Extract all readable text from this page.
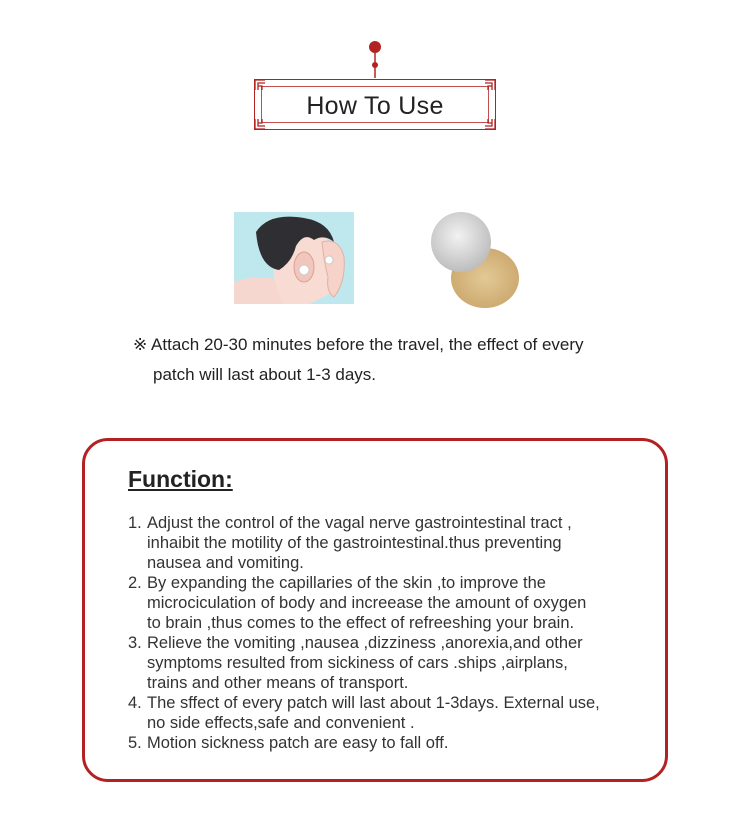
How To Use
※ Attach 20-30 minutes before the travel, the effect of every
patch will last about 1-3 days.
Function:
1. Adjust the control of the vagal nerve gastrointestinal tract ,
inhaibit the motility of the gastrointestinal.thus preventing
nausea and vomiting.
2. By expanding the capillaries of the skin ,to improve the
microciculation of body and increease the amount of oxygen
to brain ,thus comes to the effect of refreeshing your brain.
3. Relieve the vomiting ,nausea ,dizziness ,anorexia,and other
symptoms resulted from sickiness of cars .ships ,airplans,
trains and other means of transport.
4. The sffect of every patch will last about 1-3days. External use,
no side effects,safe and convenient .
5. Motion sickness patch are easy to fall off.
